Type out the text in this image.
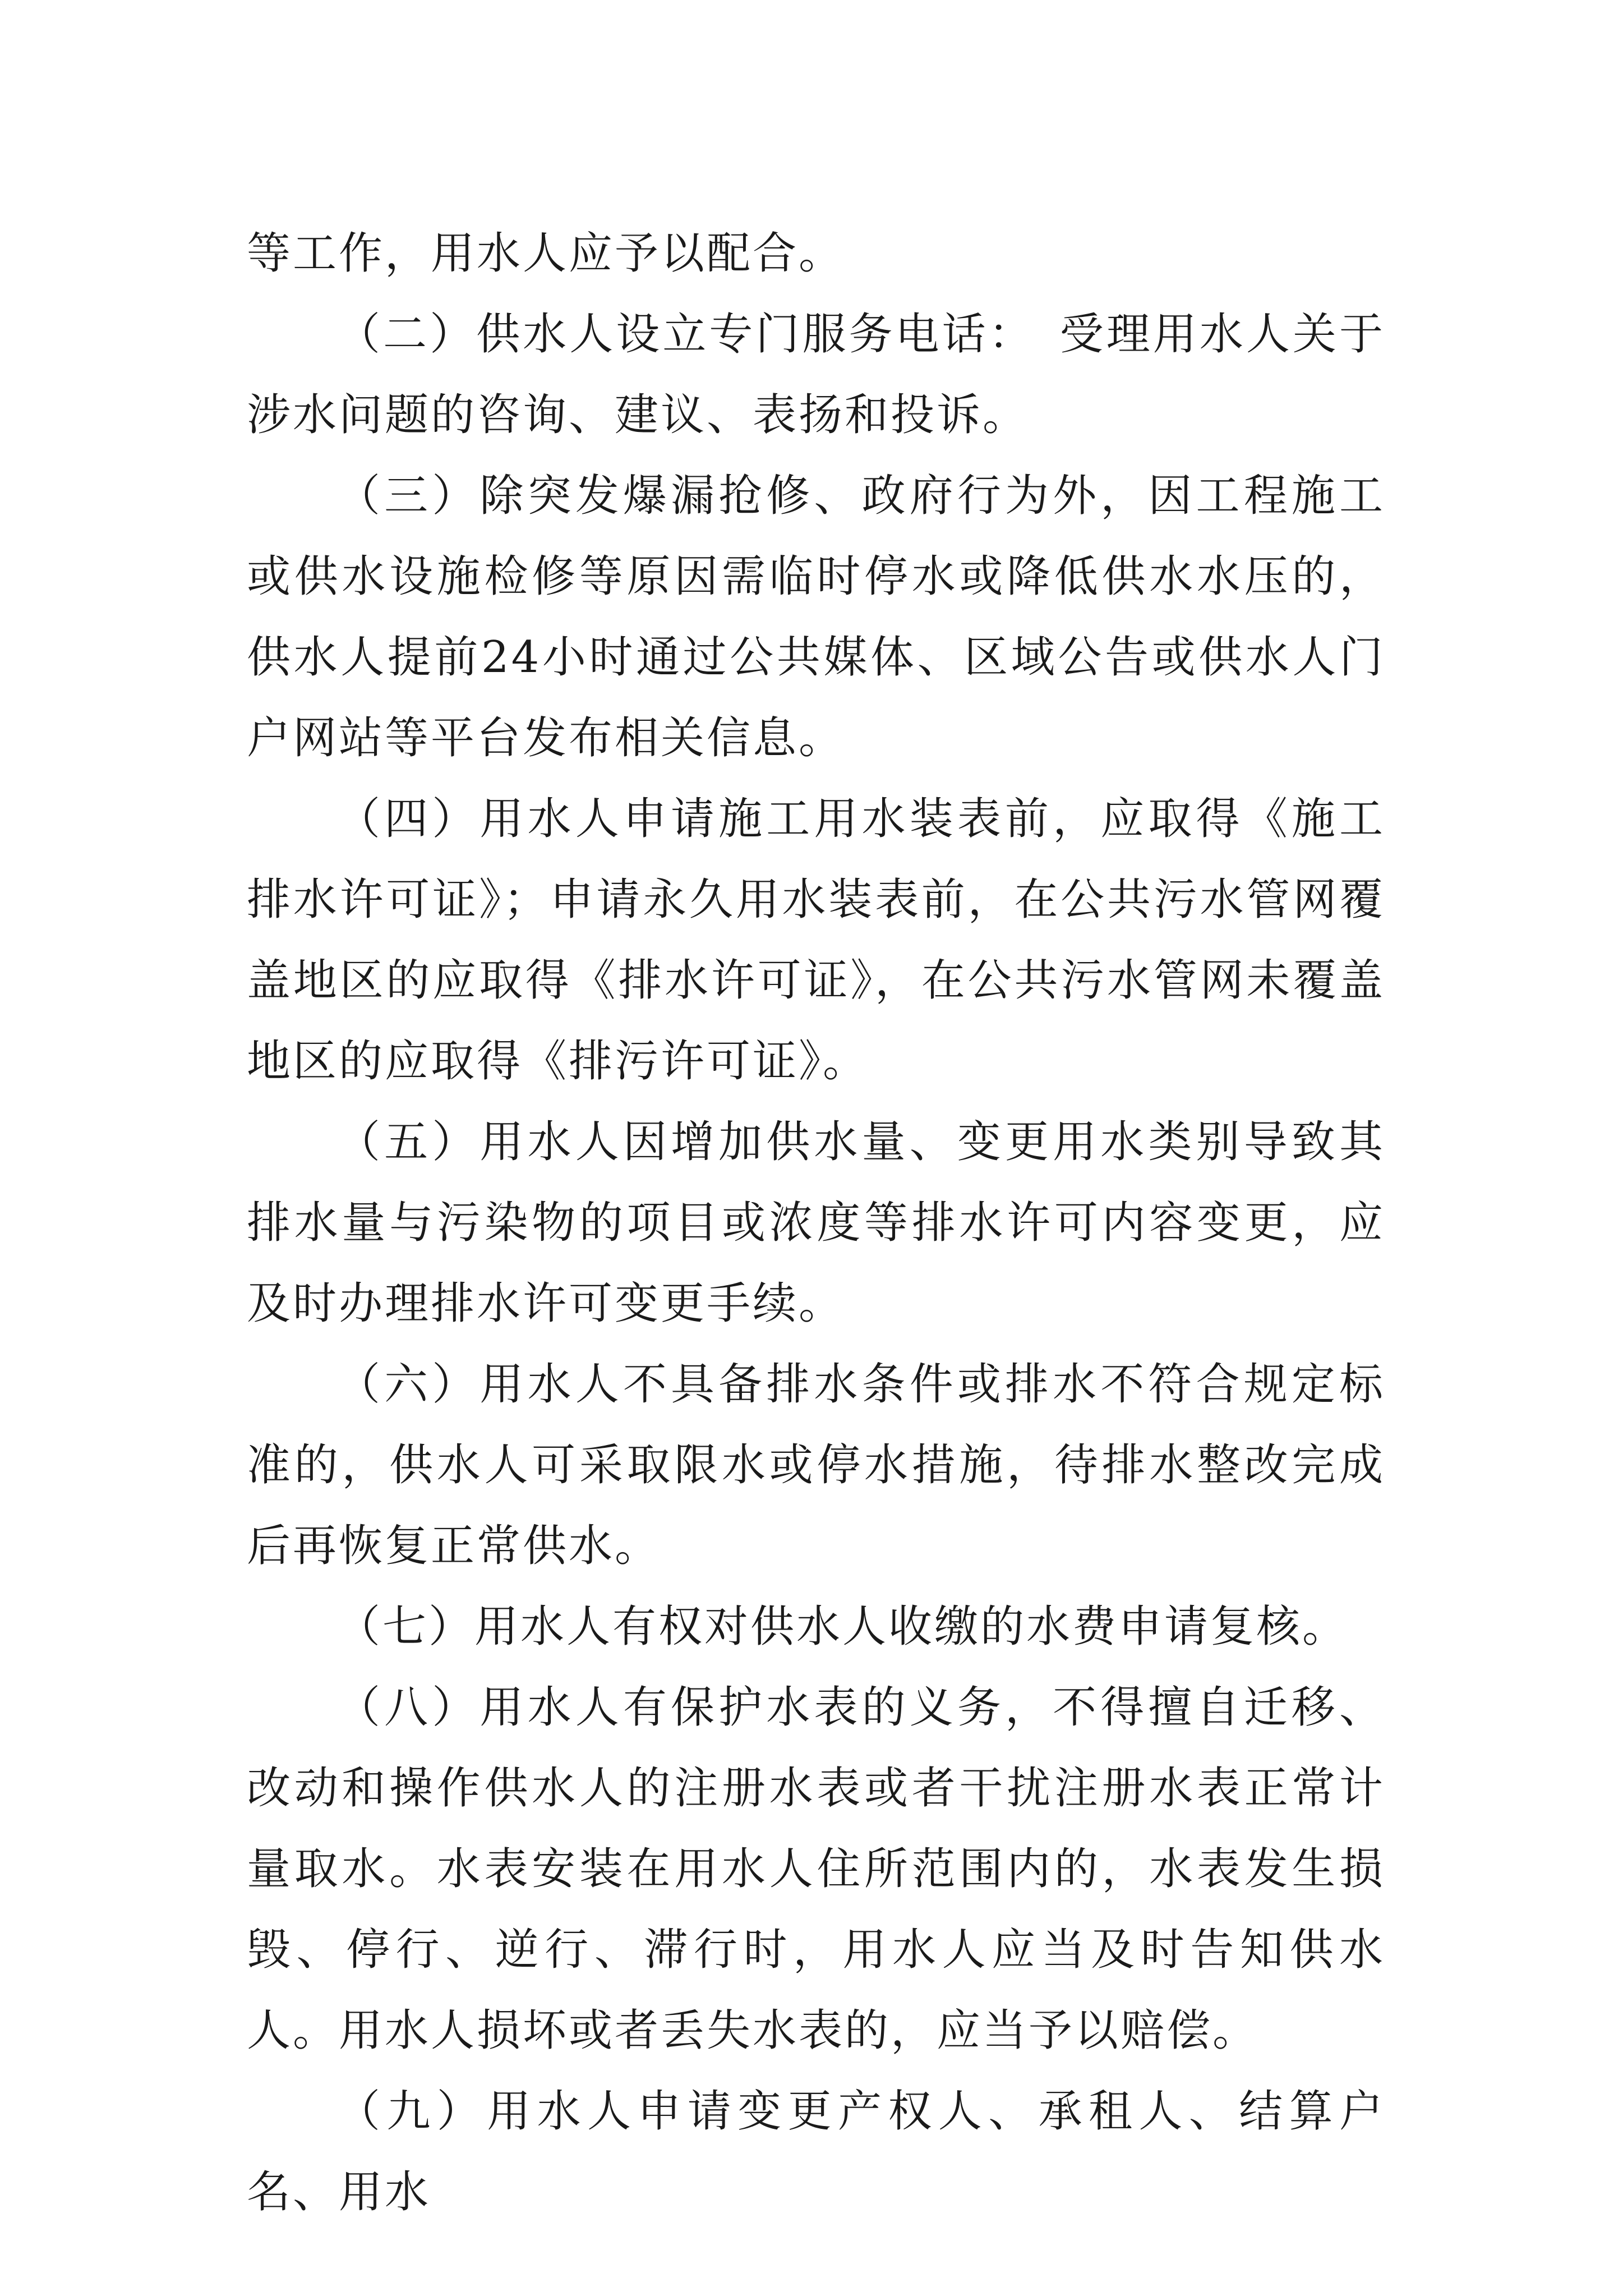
等工作，用水人应予以配合。

（二）供水人设立专门服务电话：　受理用水人关于涉水问题的咨询、建议、表扬和投诉。

（三）除突发爆漏抢修、政府行为外，因工程施工或供水设施检修等原因需临时停水或降低供水水压的，供水人提前24小时通过公共媒体、区域公告或供水人门户网站等平台发布相关信息。

（四）用水人申请施工用水装表前，应取得《施工排水许可证》；申请永久用水装表前，在公共污水管网覆盖地区的应取得《排水许可证》，在公共污水管网未覆盖地区的应取得《排污许可证》。

（五）用水人因增加供水量、变更用水类别导致其排水量与污染物的项目或浓度等排水许可内容变更，应及时办理排水许可变更手续。

（六）用水人不具备排水条件或排水不符合规定标准的，供水人可采取限水或停水措施，待排水整改完成后再恢复正常供水。

（七）用水人有权对供水人收缴的水费申请复核。

（八）用水人有保护水表的义务，不得擅自迁移、改动和操作供水人的注册水表或者干扰注册水表正常计量取水。水表安装在用水人住所范围内的，水表发生损毁、停行、逆行、滞行时，用水人应当及时告知供水人。用水人损坏或者丢失水表的，应当予以赔偿。

（九）用水人申请变更产权人、承租人、结算户名、用水
